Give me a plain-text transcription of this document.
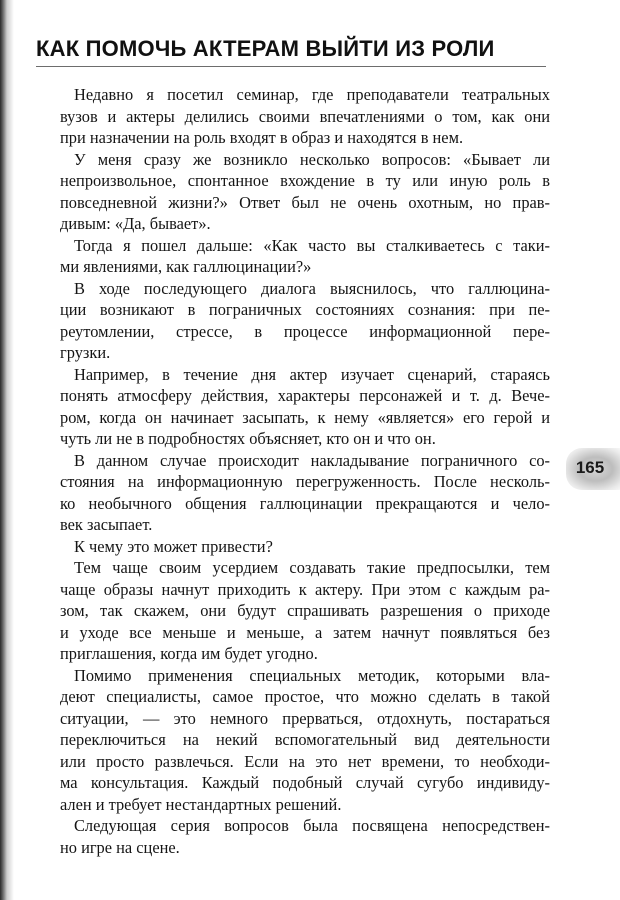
КАК ПОМОЧЬ АКТЕРАМ ВЫЙТИ ИЗ РОЛИ
Недавно я посетил семинар, где преподаватели театральных
вузов и актеры делились своими впечатлениями о том, как они
при назначении на роль входят в образ и находятся в нем.
У меня сразу же возникло несколько вопросов: «Бывает ли
непроизвольное, спонтанное вхождение в ту или иную роль в
повседневной жизни?» Ответ был не очень охотным, но прав-
дивым: «Да, бывает».
Тогда я пошел дальше: «Как часто вы сталкиваетесь с таки-
ми явлениями, как галлюцинации?»
В ходе последующего диалога выяснилось, что галлюцина-
ции возникают в пограничных состояниях сознания: при пе-
реутомлении, стрессе, в процессе информационной пере-
грузки.
Например, в течение дня актер изучает сценарий, стараясь
понять атмосферу действия, характеры персонажей и т. д. Вече-
ром, когда он начинает засыпать, к нему «является» его герой и
чуть ли не в подробностях объясняет, кто он и что он.
В данном случае происходит накладывание пограничного со-
стояния на информационную перегруженность. После несколь-
ко необычного общения галлюцинации прекращаются и чело-
век засыпает.
К чему это может привести?
Тем чаще своим усердием создавать такие предпосылки, тем
чаще образы начнут приходить к актеру. При этом с каждым ра-
зом, так скажем, они будут спрашивать разрешения о приходе
и уходе все меньше и меньше, а затем начнут появляться без
приглашения, когда им будет угодно.
Помимо применения специальных методик, которыми вла-
деют специалисты, самое простое, что можно сделать в такой
ситуации, — это немного прерваться, отдохнуть, постараться
переключиться на некий вспомогательный вид деятельности
или просто развлечься. Если на это нет времени, то необходи-
ма консультация. Каждый подобный случай сугубо индивиду-
ален и требует нестандартных решений.
Следующая серия вопросов была посвящена непосредствен-
но игре на сцене.
165
